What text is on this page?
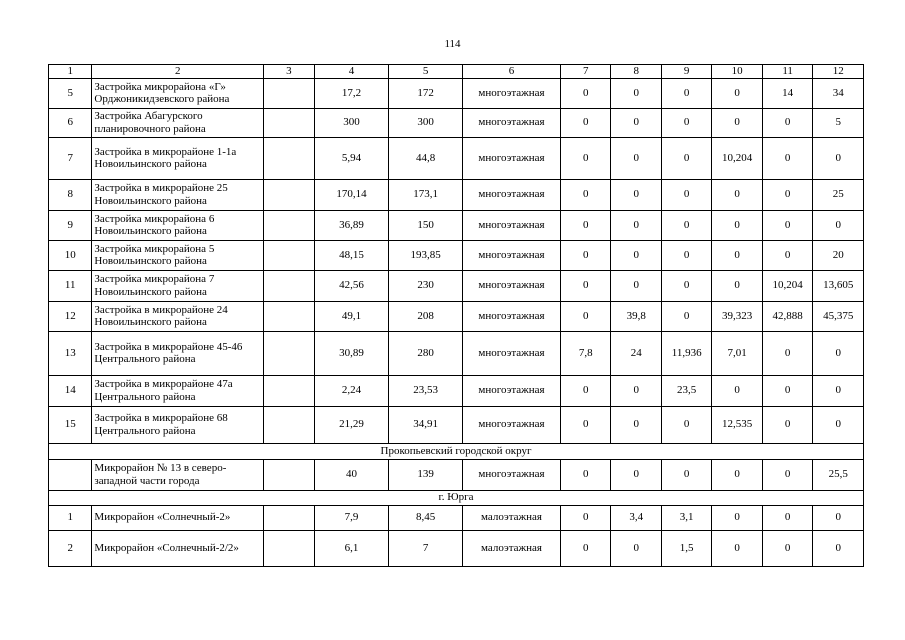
114
1	2	3	4	5	6	7	8	9	10	11	12
5	Застройка микрорайона «Г» Орджоникидзевского района		17,2	172	многоэтажная	0	0	0	0	14	34
6	Застройка Абагурского планировочного района		300	300	многоэтажная	0	0	0	0	0	5
7	Застройка в микрорайоне 1-1а Новоильинского района		5,94	44,8	многоэтажная	0	0	0	10,204	0	0
8	Застройка в микрорайоне 25 Новоильинского района		170,14	173,1	многоэтажная	0	0	0	0	0	25
9	Застройка микрорайона 6 Новоильинского района		36,89	150	многоэтажная	0	0	0	0	0	0
10	Застройка микрорайона 5 Новоильинского района		48,15	193,85	многоэтажная	0	0	0	0	0	20
11	Застройка микрорайона 7 Новоильинского района		42,56	230	многоэтажная	0	0	0	0	10,204	13,605
12	Застройка в микрорайоне 24 Новоильинского района		49,1	208	многоэтажная	0	39,8	0	39,323	42,888	45,375
13	Застройка в микрорайоне 45-46 Центрального района		30,89	280	многоэтажная	7,8	24	11,936	7,01	0	0
14	Застройка в микрорайоне 47а Центрального района		2,24	23,53	многоэтажная	0	0	23,5	0	0	0
15	Застройка в микрорайоне 68 Центрального района		21,29	34,91	многоэтажная	0	0	0	12,535	0	0
Прокопьевский городской округ											
	Микрорайон № 13 в северо-западной части города		40	139	многоэтажная	0	0	0	0	0	25,5
г. Юрга											
1	Микрорайон «Солнечный-2»		7,9	8,45	малоэтажная	0	3,4	3,1	0	0	0
2	Микрорайон «Солнечный-2/2»		6,1	7	малоэтажная	0	0	1,5	0	0	0
